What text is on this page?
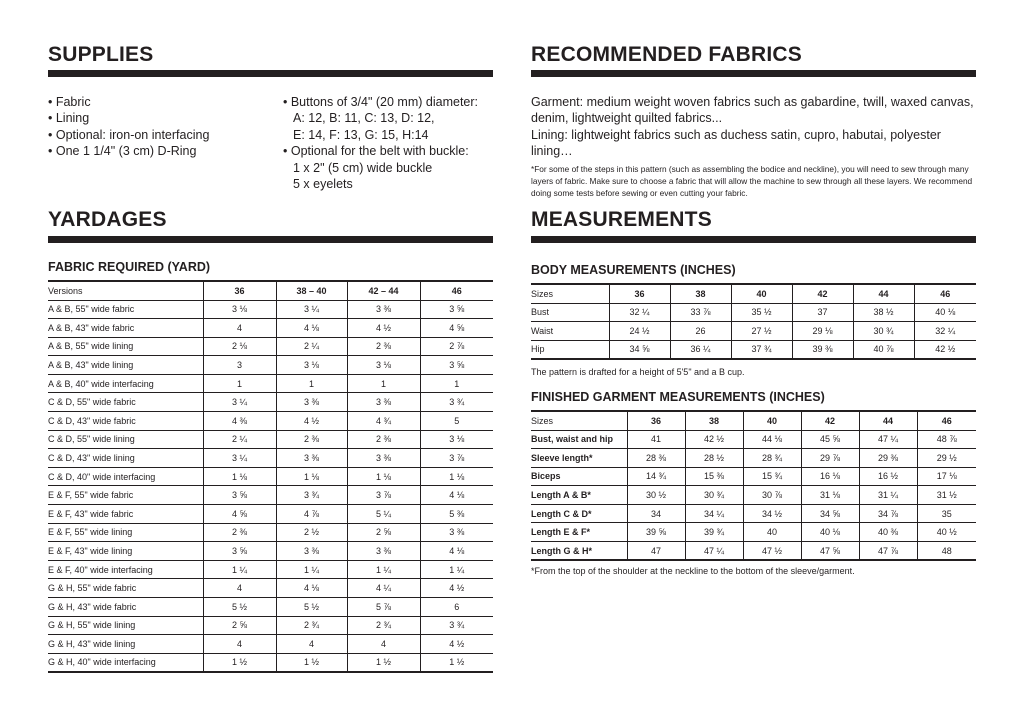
SUPPLIES
• Fabric
• Lining
• Optional: iron-on interfacing
• One 1 1/4" (3 cm) D-Ring
• Buttons of 3/4" (20 mm) diameter:
A: 12, B: 11, C: 13, D: 12,
E: 14, F: 13, G: 15, H:14
• Optional for the belt with buckle:
1 x 2" (5 cm) wide buckle
5 x eyelets
YARDAGES
FABRIC REQUIRED (YARD)
Versions	36	38 – 40	42 – 44	46
A & B, 55" wide fabric	3 ⅛	3 ¼	3 ⅜	3 ⅝
A & B, 43" wide fabric	4	4 ⅛	4 ½	4 ⅝
A & B, 55" wide lining	2 ⅛	2 ¼	2 ⅜	2 ⅞
A & B, 43" wide lining	3	3 ⅛	3 ⅛	3 ⅝
A & B, 40" wide interfacing	1	1	1	1
C & D, 55" wide fabric	3 ¼	3 ⅜	3 ⅜	3 ¾
C & D, 43" wide fabric	4 ⅜	4 ½	4 ¾	5
C & D, 55" wide lining	2 ¼	2 ⅜	2 ⅜	3 ⅛
C & D, 43" wide lining	3 ¼	3 ⅜	3 ⅜	3 ⅞
C & D, 40" wide interfacing	1 ⅛	1 ⅛	1 ⅛	1 ⅛
E & F, 55" wide fabric	3 ⅝	3 ¾	3 ⅞	4 ⅛
E & F, 43" wide fabric	4 ⅝	4 ⅞	5 ¼	5 ⅜
E & F, 55" wide lining	2 ⅜	2 ½	2 ⅝	3 ⅜
E & F, 43" wide lining	3 ⅝	3 ⅜	3 ⅜	4 ⅛
E & F, 40" wide interfacing	1 ¼	1 ¼	1 ¼	1 ¼
G & H, 55" wide fabric	4	4 ⅛	4 ¼	4 ½
G & H, 43" wide fabric	5 ½	5 ½	5 ⅞	6
G & H, 55" wide lining	2 ⅝	2 ¾	2 ¾	3 ¾
G & H, 43" wide lining	4	4	4	4 ½
G & H, 40" wide interfacing	1 ½	1 ½	1 ½	1 ½
RECOMMENDED FABRICS
Garment: medium weight woven fabrics such as gabardine, twill, waxed canvas, denim, lightweight quilted fabrics...
Lining: lightweight fabrics such as duchess satin, cupro, habutai, polyester lining…
*For some of the steps in this pattern (such as assembling the bodice and neckline), you will need to sew through many layers of fabric. Make sure to choose a fabric that will allow the machine to sew through all these layers. We recommend doing some tests before sewing or even cutting your fabric.
MEASUREMENTS
BODY MEASUREMENTS (INCHES)
Sizes	36	38	40	42	44	46
Bust	32 ¼	33 ⅞	35 ½	37	38 ½	40 ⅛
Waist	24 ½	26	27 ½	29 ⅛	30 ¾	32 ¼
Hip	34 ⅝	36 ¼	37 ¾	39 ⅜	40 ⅞	42 ½
The pattern is drafted for a height of 5'5" and a B cup.
FINISHED GARMENT MEASUREMENTS (INCHES)
Sizes	36	38	40	42	44	46
Bust, waist and hip	41	42 ½	44 ⅛	45 ⅝	47 ¼	48 ⅞
Sleeve length*	28 ⅜	28 ½	28 ¾	29 ⅞	29 ⅜	29 ½
Biceps	14 ¾	15 ⅜	15 ¾	16 ⅛	16 ½	17 ⅛
Length A & B*	30 ½	30 ¾	30 ⅞	31 ⅛	31 ¼	31 ½
Length C & D*	34	34 ¼	34 ½	34 ⅝	34 ⅞	35
Length E & F*	39 ⅝	39 ¾	40	40 ⅛	40 ⅜	40 ½
Length G & H*	47	47 ¼	47 ½	47 ⅝	47 ⅞	48
*From the top of the shoulder at the neckline to the bottom of the sleeve/garment.
